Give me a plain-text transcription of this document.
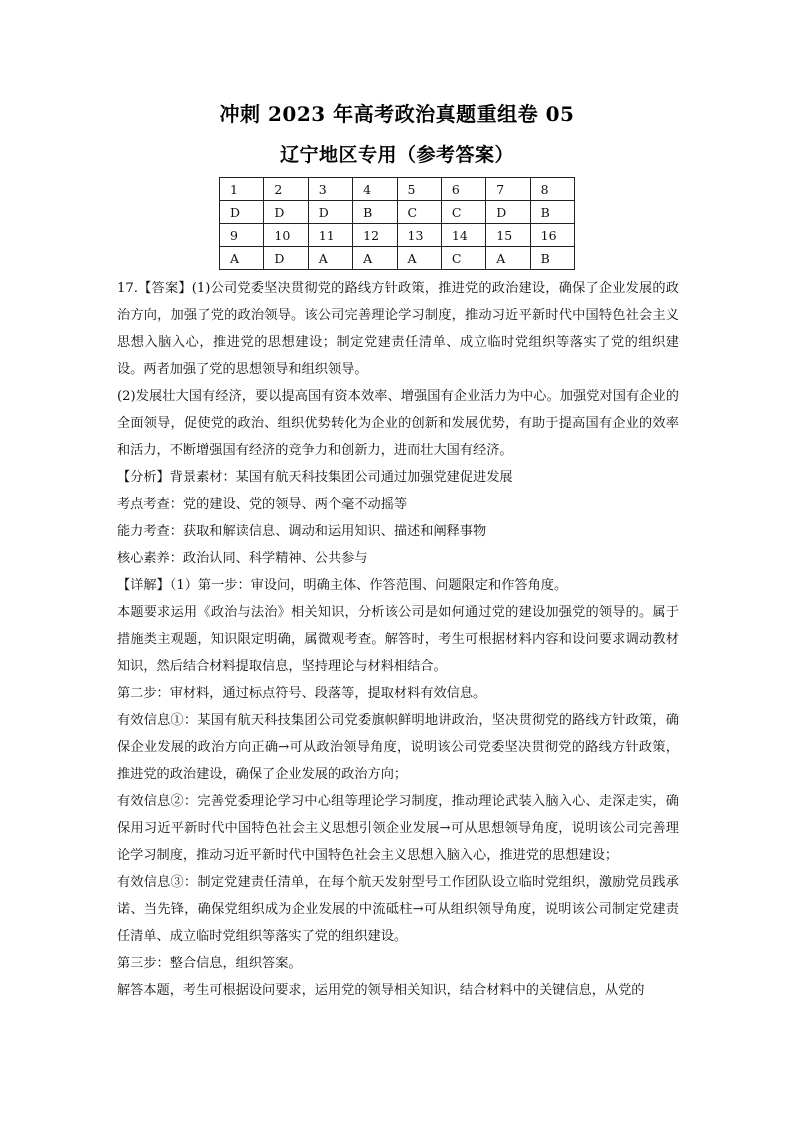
冲刺 2023 年高考政治真题重组卷 05
辽宁地区专用（参考答案）
1	2	3	4	5	6	7	8
D	D	D	B	C	C	D	B
9	10	11	12	13	14	15	16
A	D	A	A	A	C	A	B

17.【答案】(1)公司党委坚决贯彻党的路线方针政策，推进党的政治建设，确保了企业发展的政治方向，加强了党的政治领导。该公司完善理论学习制度，推动习近平新时代中国特色社会主义思想入脑入心，推进党的思想建设；制定党建责任清单、成立临时党组织等落实了党的组织建设。两者加强了党的思想领导和组织领导。

(2)发展壮大国有经济，要以提高国有资本效率、增强国有企业活力为中心。加强党对国有企业的全面领导，促使党的政治、组织优势转化为企业的创新和发展优势，有助于提高国有企业的效率和活力，不断增强国有经济的竞争力和创新力，进而壮大国有经济。

【分析】背景素材：某国有航天科技集团公司通过加强党建促进发展

考点考查：党的建设、党的领导、两个毫不动摇等

能力考查：获取和解读信息、调动和运用知识、描述和阐释事物

核心素养：政治认同、科学精神、公共参与

【详解】（1）第一步：审设问，明确主体、作答范围、问题限定和作答角度。

本题要求运用《政治与法治》相关知识，分析该公司是如何通过党的建设加强党的领导的。属于措施类主观题，知识限定明确，属微观考查。解答时，考生可根据材料内容和设问要求调动教材知识，然后结合材料提取信息，坚持理论与材料相结合。

第二步：审材料，通过标点符号、段落等，提取材料有效信息。

有效信息①：某国有航天科技集团公司党委旗帜鲜明地讲政治，坚决贯彻党的路线方针政策，确保企业发展的政治方向正确→可从政治领导角度，说明该公司党委坚决贯彻党的路线方针政策，推进党的政治建设，确保了企业发展的政治方向；

有效信息②：完善党委理论学习中心组等理论学习制度，推动理论武装入脑入心、走深走实，确保用习近平新时代中国特色社会主义思想引领企业发展→可从思想领导角度，说明该公司完善理论学习制度，推动习近平新时代中国特色社会主义思想入脑入心，推进党的思想建设；

有效信息③：制定党建责任清单，在每个航天发射型号工作团队设立临时党组织，激励党员践承诺、当先锋，确保党组织成为企业发展的中流砥柱→可从组织领导角度，说明该公司制定党建责任清单、成立临时党组织等落实了党的组织建设。

第三步：整合信息，组织答案。

解答本题，考生可根据设问要求，运用党的领导相关知识，结合材料中的关键信息，从党的
